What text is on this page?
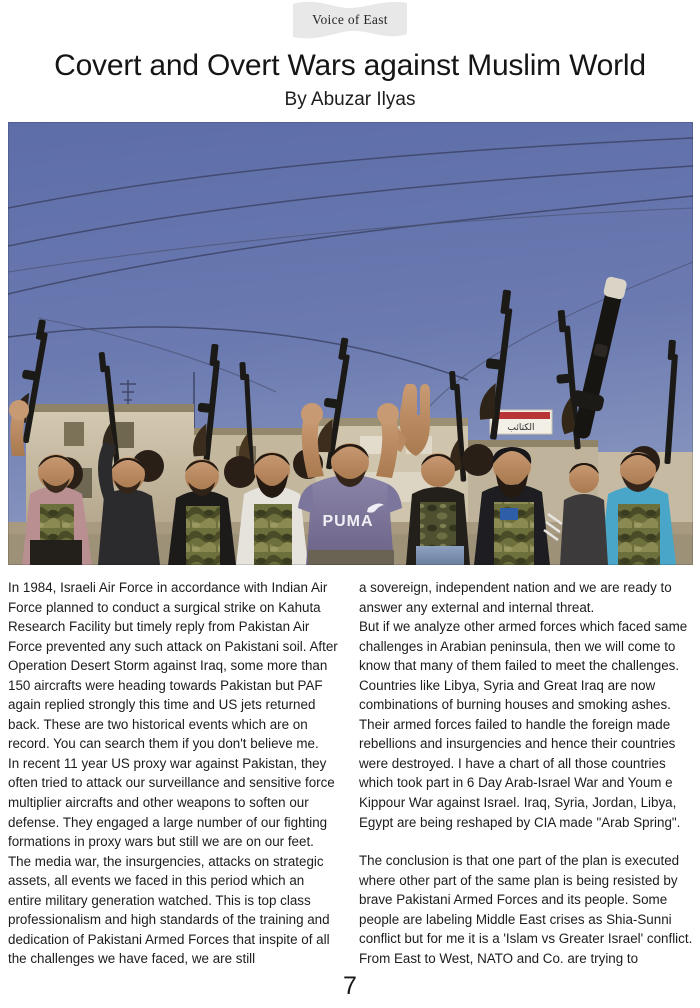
Voice of East
Covert and Overt Wars against Muslim World
By Abuzar Ilyas
الكتائب
PUMA

In 1984, Israeli Air Force in accordance with Indian Air Force planned to conduct a surgical strike on Kahuta Research Facility but timely reply from Pakistan Air Force prevented any such attack on Pakistani soil. After Operation Desert Storm against Iraq, some more than 150 aircrafts were heading towards Pakistan but PAF again replied strongly this time and US jets returned back. These are two historical events which are on record. You can search them if you don't believe me.

In recent 11 year US proxy war against Pakistan, they often tried to attack our surveillance and sensitive force multiplier aircrafts and other weapons to soften our defense. They engaged a large number of our fighting formations in proxy wars but still we are on our feet. The media war, the insurgencies, attacks on strategic assets, all events we faced in this period which an entire military generation watched. This is top class professionalism and high standards of the training and dedication of Pakistani Armed Forces that inspite of all the challenges we have faced, we are still

a sovereign, independent nation and we are ready to answer any external and internal threat.

But if we analyze other armed forces which faced same challenges in Arabian peninsula, then we will come to know that many of them failed to meet the challenges. Countries like Libya, Syria and Great Iraq are now combinations of burning houses and smoking ashes. Their armed forces failed to handle the foreign made rebellions and insurgencies and hence their countries were destroyed. I have a chart of all those countries which took part in 6 Day Arab-Israel War and Youm e Kippour War against Israel. Iraq, Syria, Jordan, Libya, Egypt are being reshaped by CIA made "Arab Spring".

The conclusion is that one part of the plan is executed where other part of the same plan is being resisted by brave Pakistani Armed Forces and its people. Some people are labeling Middle East crises as Shia-Sunni conflict but for me it is a 'Islam vs Greater Israel' conflict. From East to West, NATO and Co. are trying to

7
